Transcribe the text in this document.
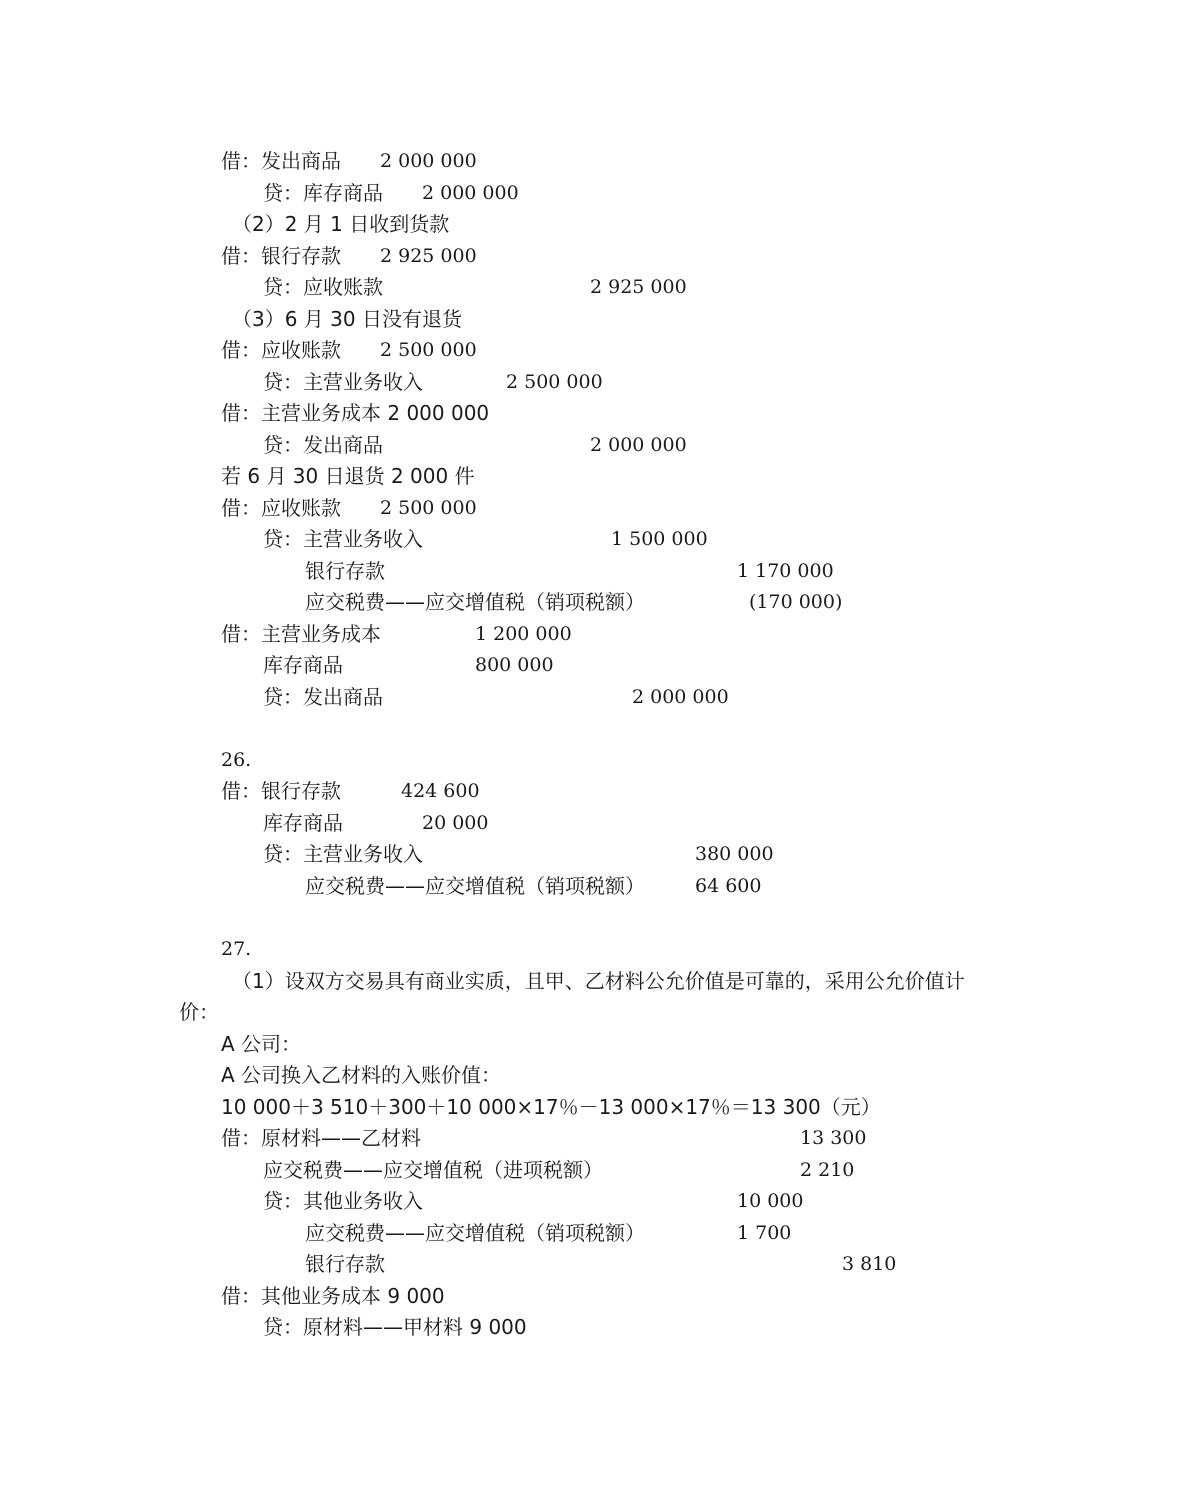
借：发出商品 2 000 000
贷：库存商品 2 000 000
（2）2 月 1 日收到货款
借：银行存款 2 925 000
贷：应收账款	2 925 000
（3）6 月 30 日没有退货
借：应收账款 2 500 000
贷：主营业务收入	2 500 000
借：主营业务成本 2 000 000
贷：发出商品	2 000 000
若 6 月 30 日退货 2 000 件
借：应收账款 2 500 000
贷：主营业务收入	1 500 000
银行存款	1 170 000
应交税费——应交增值税（销项税额）	(170 000)
借：主营业务成本	1 200 000
库存商品	800 000
贷：发出商品	2 000 000
26.
借：银行存款	424 600
库存商品	20 000
贷：主营业务收入	380 000
应交税费——应交增值税（销项税额）	64 600
27.
（1）设双方交易具有商业实质，且甲、乙材料公允价值是可靠的，采用公允价值计
价：
A 公司：
A 公司换入乙材料的入账价值：
10 000＋3 510＋300＋10 000×17％－13 000×17％＝13 300（元）
借：原材料——乙材料	13 300
应交税费——应交增值税（进项税额）	2 210
贷：其他业务收入	10 000
应交税费——应交增值税（销项税额）	1 700
银行存款	3 810
借：其他业务成本 9 000
贷：原材料——甲材料 9 000
